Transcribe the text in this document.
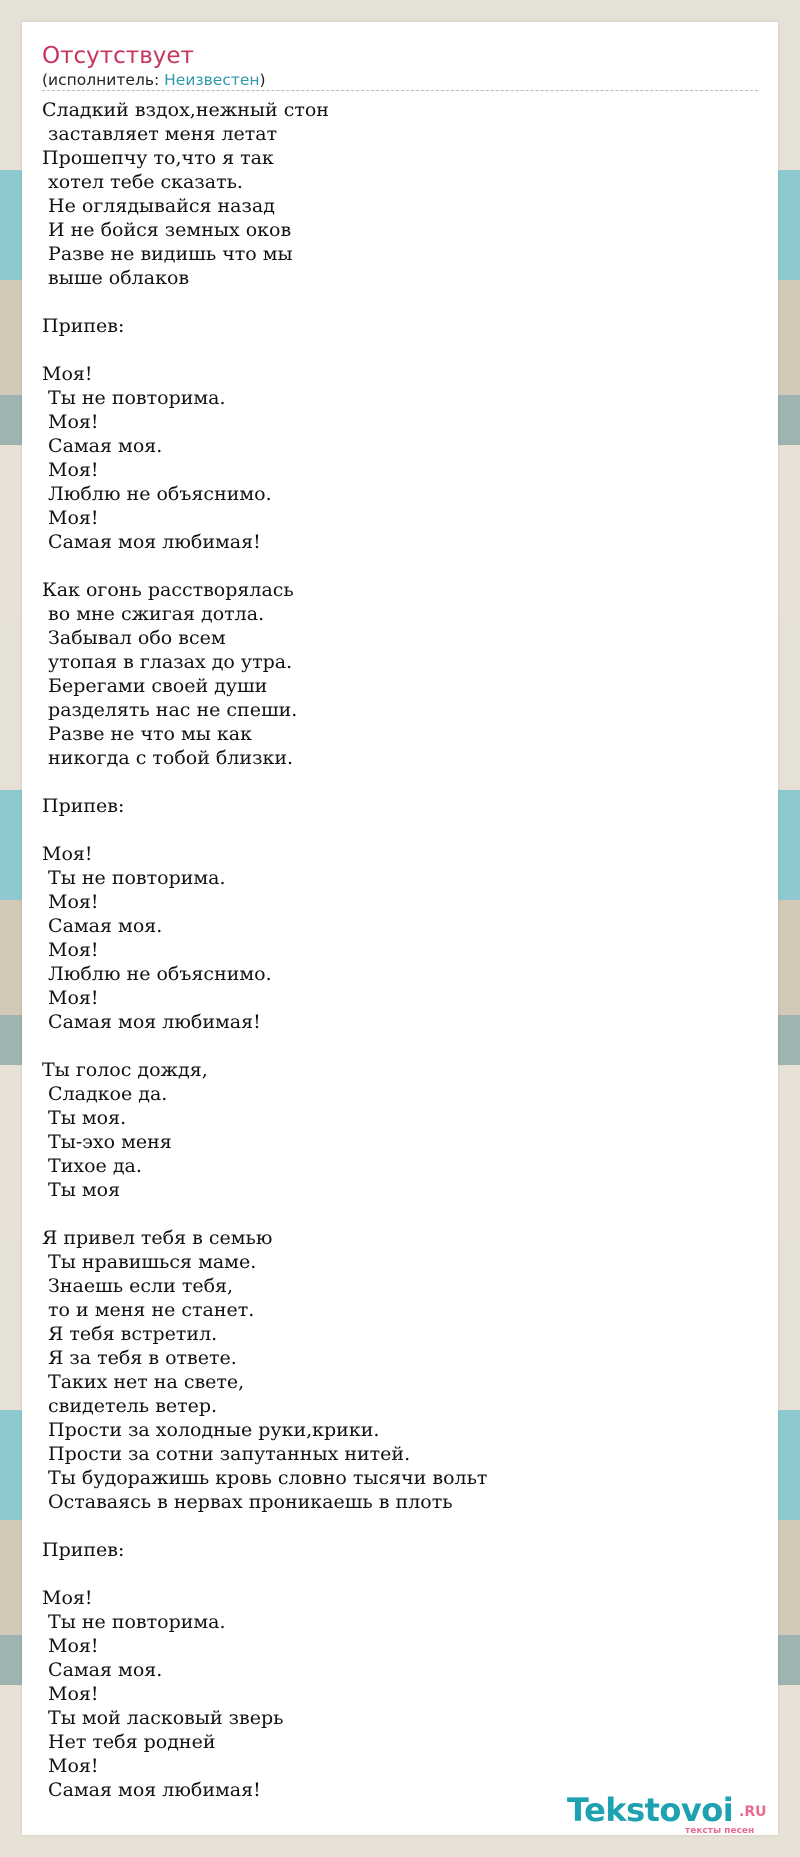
Отсутствует
(исполнитель: Неизвестен)
Сладкий вздох,нежный стон
заставляет меня летат
Прошепчу то,что я так
хотел тебе сказать.
Не оглядывайся назад
И не бойся земных оков
Разве не видишь что мы
выше облаков

Припев:

Моя!
Ты не повторима.
Моя!
Самая моя.
Моя!
Люблю не объяснимо.
Моя!
Самая моя любимая!

Как огонь расстворялась
во мне сжигая дотла.
Забывал обо всем
утопая в глазах до утра.
Берегами своей души
разделять нас не спеши.
Разве не что мы как
никогда с тобой близки.

Припев:

Моя!
Ты не повторима.
Моя!
Самая моя.
Моя!
Люблю не объяснимо.
Моя!
Самая моя любимая!

Ты голос дождя,
Сладкое да.
Ты моя.
Ты-эхо меня
Тихое да.
Ты моя

Я привел тебя в семью
Ты нравишься маме.
Знаешь если тебя,
то и меня не станет.
Я тебя встретил.
Я за тебя в ответе.
Таких нет на свете,
свидетель ветер.
Прости за холодные руки,крики.
Прости за сотни запутанных нитей.
Ты будоражишь кровь словно тысячи вольт
Оставаясь в нервах проникаешь в плоть

Припев:

Моя!
Ты не повторима.
Моя!
Самая моя.
Моя!
Ты мой ласковый зверь
Нет тебя родней
Моя!
Самая моя любимая!
Tekstovoi .RU
тексты песен
